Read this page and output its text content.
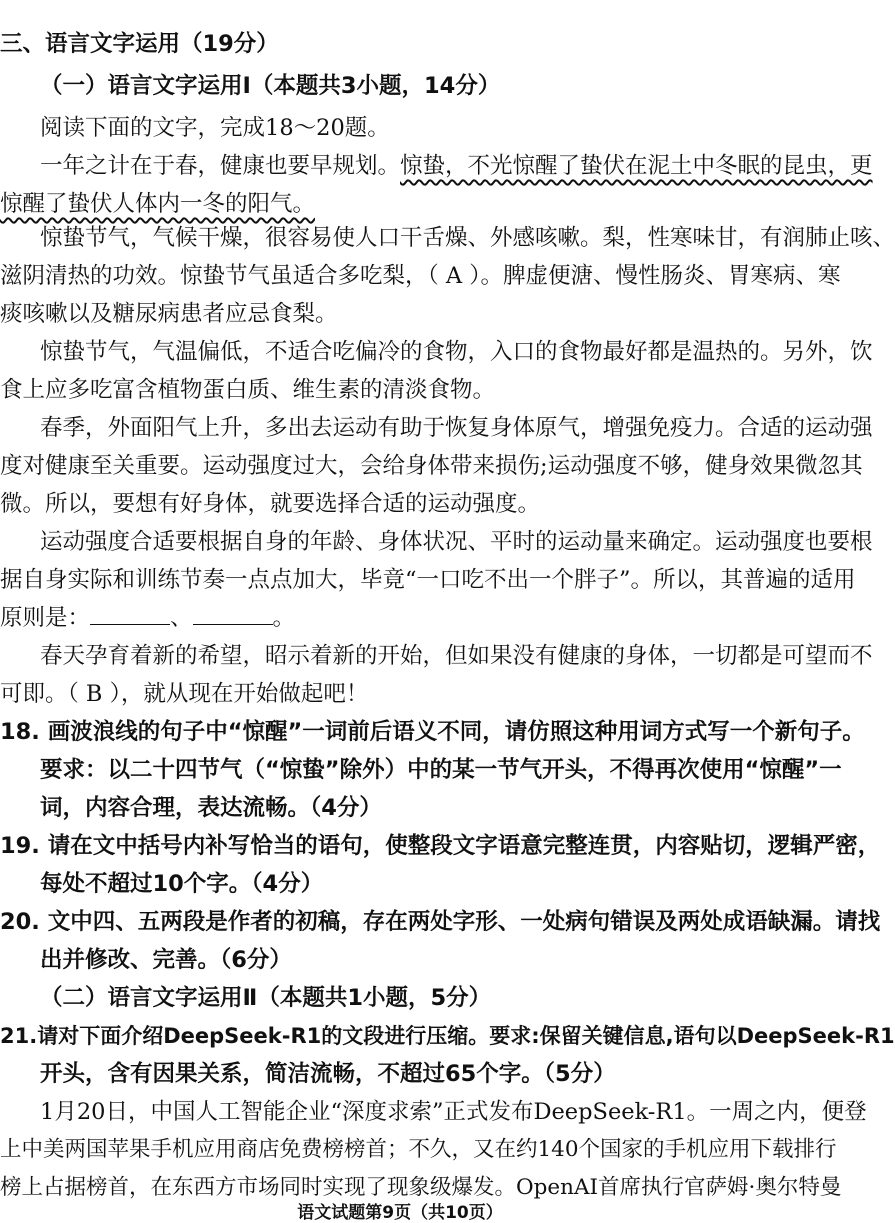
三、语言文字运用（19分）
（一）语言文字运用Ⅰ（本题共3小题，14分）
阅读下面的文字，完成18～20题。
一年之计在于春，健康也要早规划。惊蛰，不光惊醒了蛰伏在泥土中冬眠的昆虫，更
惊醒了蛰伏人体内一冬的阳气。
惊蛰节气，气候干燥，很容易使人口干舌燥、外感咳嗽。梨，性寒味甘，有润肺止咳、
滋阴清热的功效。惊蛰节气虽适合多吃梨，（ A ）。脾虚便溏、慢性肠炎、胃寒病、寒
痰咳嗽以及糖尿病患者应忌食梨。
惊蛰节气，气温偏低，不适合吃偏冷的食物，入口的食物最好都是温热的。另外，饮
食上应多吃富含植物蛋白质、维生素的清淡食物。
春季，外面阳气上升，多出去运动有助于恢复身体原气，增强免疫力。合适的运动强
度对健康至关重要。运动强度过大，会给身体带来损伤;运动强度不够，健身效果微忽其
微。所以，要想有好身体，就要选择合适的运动强度。
运动强度合适要根据自身的年龄、身体状况、平时的运动量来确定。运动强度也要根
据自身实际和训练节奏一点点加大，毕竟“一口吃不出一个胖子”。所以，其普遍的适用
原则是：	、	。
春天孕育着新的希望，昭示着新的开始，但如果没有健康的身体，一切都是可望而不
可即。（ B ），就从现在开始做起吧！
18. 画波浪线的句子中“惊醒”一词前后语义不同，请仿照这种用词方式写一个新句子。
要求：以二十四节气（“惊蛰”除外）中的某一节气开头，不得再次使用“惊醒”一
词，内容合理，表达流畅。（4分）
19. 请在文中括号内补写恰当的语句，使整段文字语意完整连贯，内容贴切，逻辑严密，
每处不超过10个字。（4分）
20. 文中四、五两段是作者的初稿，存在两处字形、一处病句错误及两处成语缺漏。请找
出并修改、完善。（6分）
（二）语言文字运用Ⅱ（本题共1小题，5分）
21.请对下面介绍DeepSeek-R1的文段进行压缩。要求:保留关键信息,语句以DeepSeek-R1
开头，含有因果关系，简洁流畅，不超过65个字。（5分）
1月20日，中国人工智能企业“深度求索”正式发布DeepSeek-R1。一周之内，便登
上中美两国苹果手机应用商店免费榜榜首；不久，又在约140个国家的手机应用下载排行
榜上占据榜首，在东西方市场同时实现了现象级爆发。OpenAI首席执行官萨姆·奥尔特曼
语文试题第9页（共10页）
